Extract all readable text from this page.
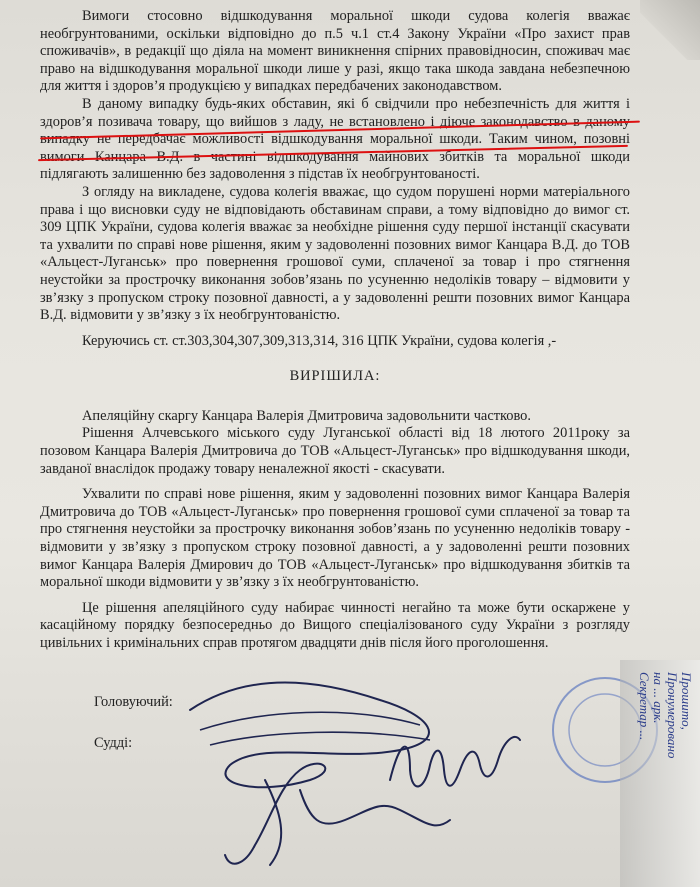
Вимоги стосовно відшкодування моральної шкоди судова колегія вважає необгрунтованими, оскільки відповідно до п.5 ч.1 ст.4 Закону України «Про захист прав споживачів», в редакції що діяла на момент виникнення спірних правовідносин, споживач має право на відшкодування моральної шкоди лише у разі, якщо така шкода завдана небезпечною для життя і здоров’я продукцією у випадках передбачених законодавством.

В даному випадку будь-яких обставин, які б свідчили про небезпечність для життя і здоров’я позивача товару, що вийшов з ладу, не встановлено і діюче законодавство в даному випадку не передбачає можливості відшкодування моральної шкоди. Таким чином, позовні вимоги Канцара В.Д. в частині відшкодування майнових збитків та моральної шкоди підлягають залишенню без задоволення з підстав їх необгрунтованості.

З огляду на викладене, судова колегія вважає, що судом порушені норми матеріального права і що висновки суду не відповідають обставинам справи, а тому відповідно до вимог ст. 309 ЦПК України, судова колегія вважає за необхідне рішення суду першої інстанції скасувати та ухвалити по справі нове рішення, яким у задоволенні позовних вимог Канцара В.Д. до ТОВ «Альцест-Луганськ» про повернення грошової суми, сплаченої за товар і про стягнення неустойки за прострочку виконання зобов’язань по усуненню недоліків товару – відмовити у зв’язку з пропуском строку позовної давності, а у задоволенні решти позовних вимог Канцара В.Д. відмовити у зв’язку з їх необгрунтованістю.

Керуючись ст. ст.303,304,307,309,313,314, 316 ЦПК України, судова колегія ,-

ВИРІШИЛА:

Апеляційну скаргу Канцара Валерія Дмитровича задовольнити частково.

Рішення Алчевського міського суду Луганської області від 18 лютого 2011року за позовом Канцара Валерія Дмитровича до ТОВ «Альцест-Луганськ» про відшкодування шкоди, завданої внаслідок продажу товару неналежної якості - скасувати.

Ухвалити по справі нове рішення, яким у задоволенні позовних вимог Канцара Валерія Дмитровича до ТОВ «Альцест-Луганськ» про повернення грошової суми сплаченої за товар та про стягнення неустойки за прострочку виконання зобов’язань по усуненню недоліків товару - відмовити у зв’язку з пропуском строку позовної давності, а у задоволенні решти позовних вимог Канцара Валерія Дмирович до ТОВ «Альцест-Луганськ» про відшкодування збитків та моральної шкоди відмовити у зв’язку з їх необгрунтованістю.

Це рішення апеляційного суду набирає чинності негайно та може бути оскаржене у касаційному порядку безпосередньо до Вищого спеціалізованого суду України з розгляду цивільних і кримінальних справ протягом двадцяти днів після його проголошення.

Головуючий:
Судді:
Прошито,
Пронумеровано
на ... арк.
Секретар ...
